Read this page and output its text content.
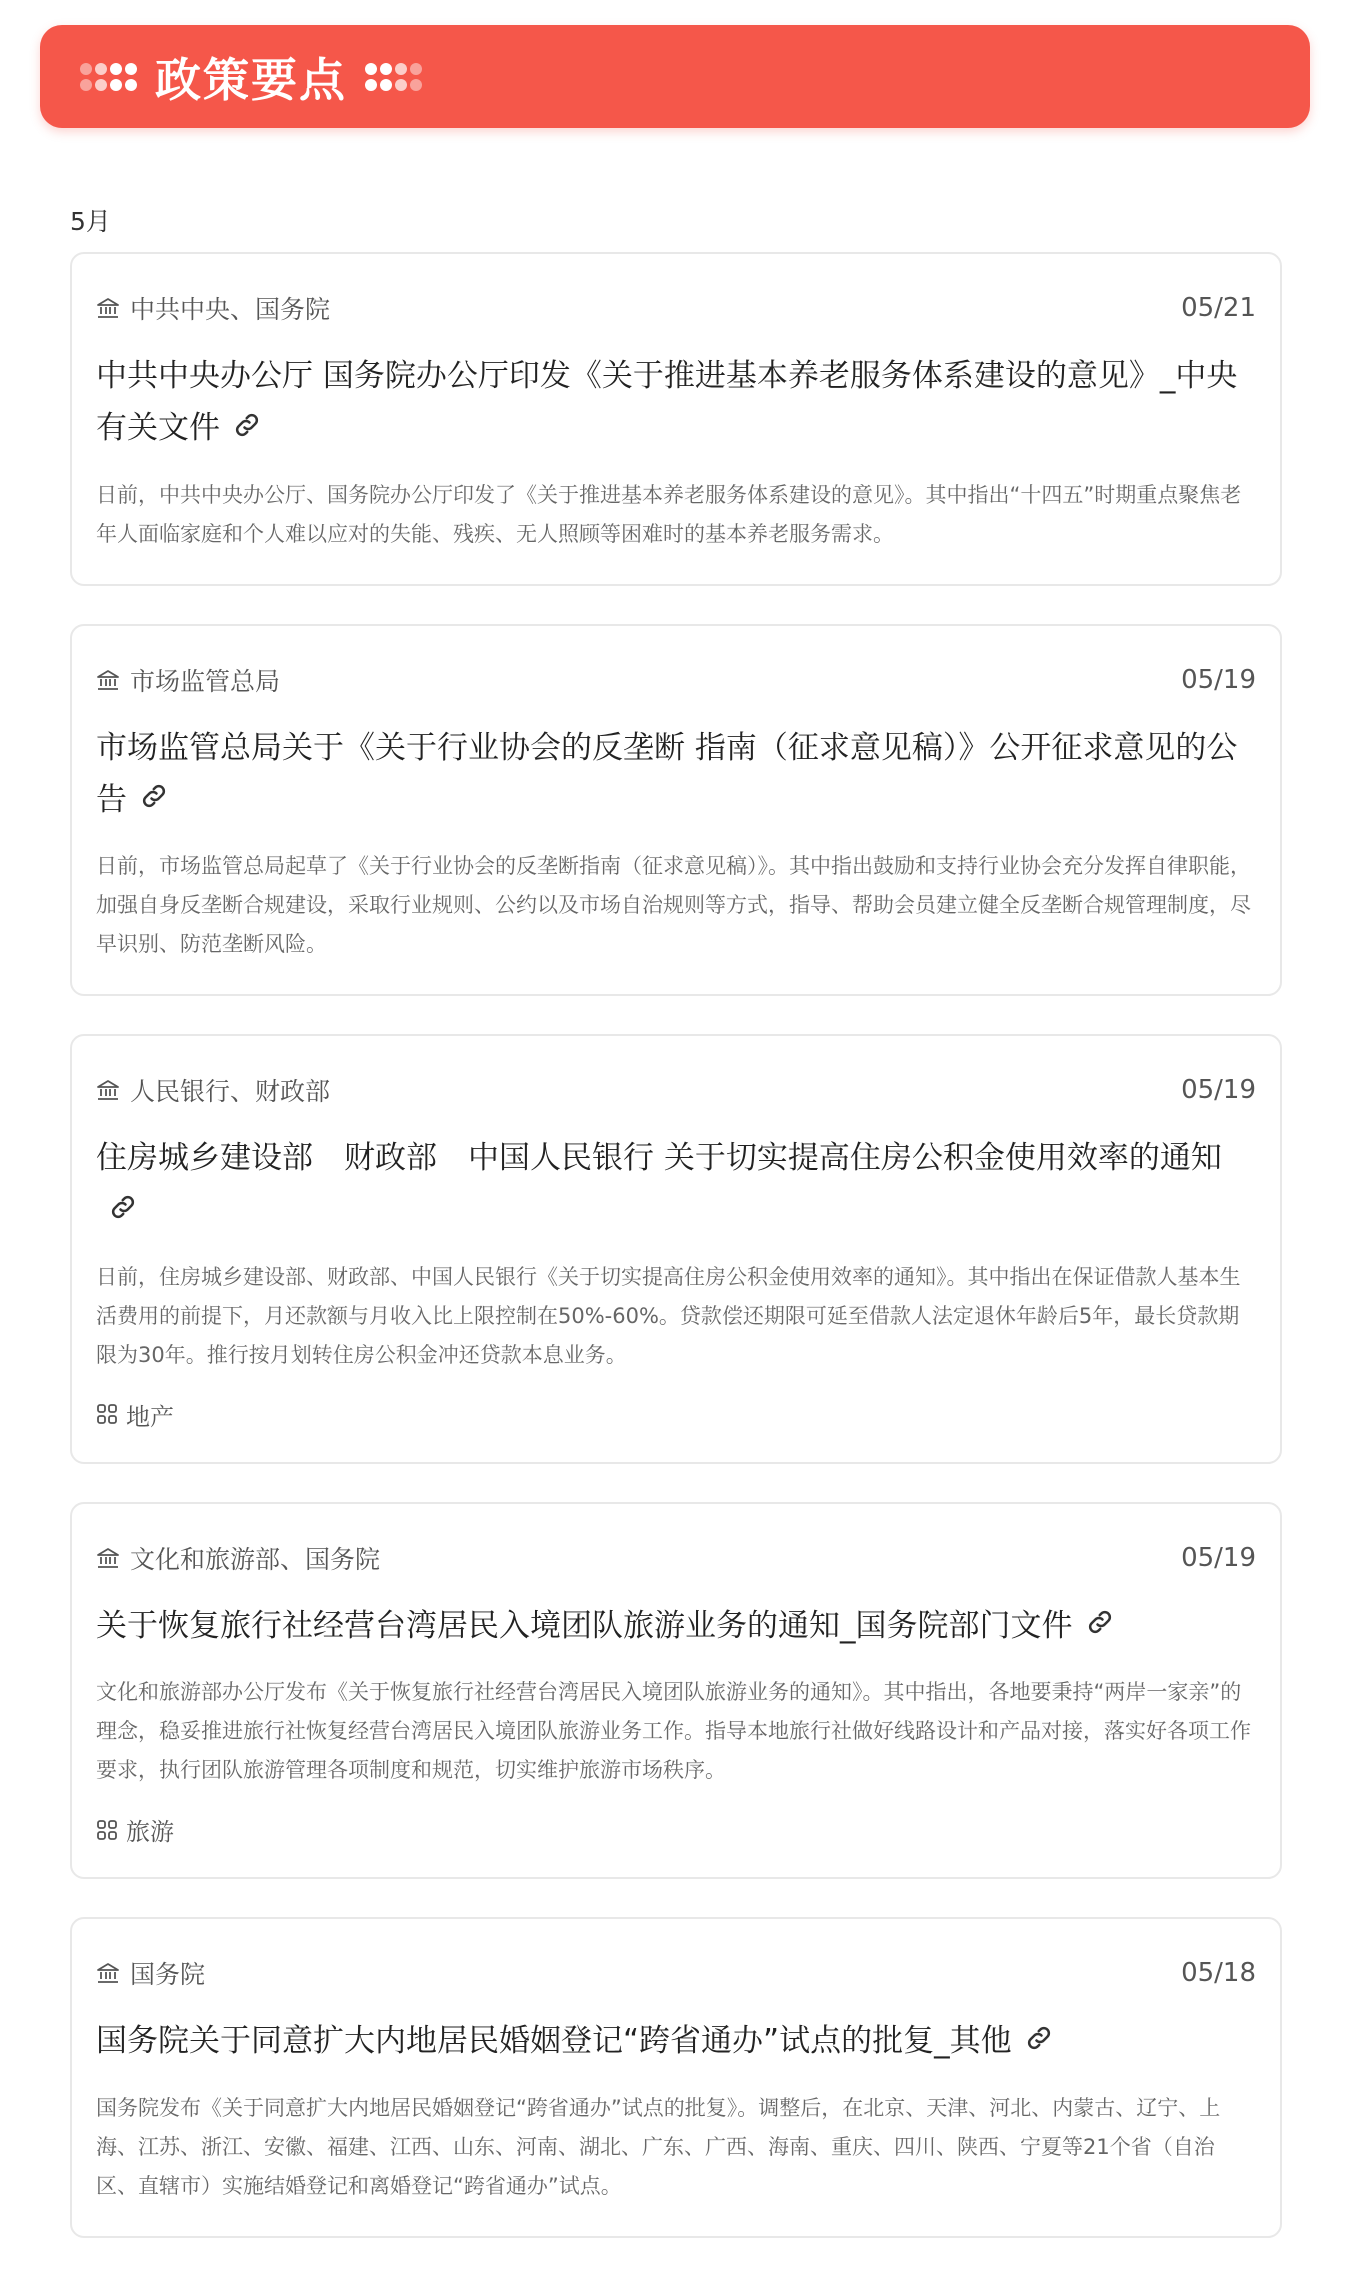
政策要点
5月
中共中央、国务院	05/21
中共中央办公厅 国务院办公厅印发《关于推进基本养老服务体系建设的意见》_中央有关文件
日前，中共中央办公厅、国务院办公厅印发了《关于推进基本养老服务体系建设的意见》。其中指出“十四五”时期重点聚焦老年人面临家庭和个人难以应对的失能、残疾、无人照顾等困难时的基本养老服务需求。
市场监管总局	05/19
市场监管总局关于《关于行业协会的反垄断 指南（征求意见稿）》公开征求意见的公告
日前，市场监管总局起草了《关于行业协会的反垄断指南（征求意见稿）》。其中指出鼓励和支持行业协会充分发挥自律职能，加强自身反垄断合规建设，采取行业规则、公约以及市场自治规则等方式，指导、帮助会员建立健全反垄断合规管理制度，尽早识别、防范垄断风险。
人民银行、财政部	05/19
住房城乡建设部　财政部　中国人民银行 关于切实提高住房公积金使用效率的通知
日前，住房城乡建设部、财政部、中国人民银行《关于切实提高住房公积金使用效率的通知》。其中指出在保证借款人基本生活费用的前提下，月还款额与月收入比上限控制在50%-60%。贷款偿还期限可延至借款人法定退休年龄后5年，最长贷款期限为30年。推行按月划转住房公积金冲还贷款本息业务。
地产
文化和旅游部、国务院	05/19
关于恢复旅行社经营台湾居民入境团队旅游业务的通知_国务院部门文件
文化和旅游部办公厅发布《关于恢复旅行社经营台湾居民入境团队旅游业务的通知》。其中指出，各地要秉持“两岸一家亲”的理念，稳妥推进旅行社恢复经营台湾居民入境团队旅游业务工作。指导本地旅行社做好线路设计和产品对接，落实好各项工作要求，执行团队旅游管理各项制度和规范，切实维护旅游市场秩序。
旅游
国务院	05/18
国务院关于同意扩大内地居民婚姻登记“跨省通办”试点的批复_其他
国务院发布《关于同意扩大内地居民婚姻登记“跨省通办”试点的批复》。调整后，在北京、天津、河北、内蒙古、辽宁、上海、江苏、浙江、安徽、福建、江西、山东、河南、湖北、广东、广西、海南、重庆、四川、陕西、宁夏等21个省（自治区、直辖市）实施结婚登记和离婚登记“跨省通办”试点。
